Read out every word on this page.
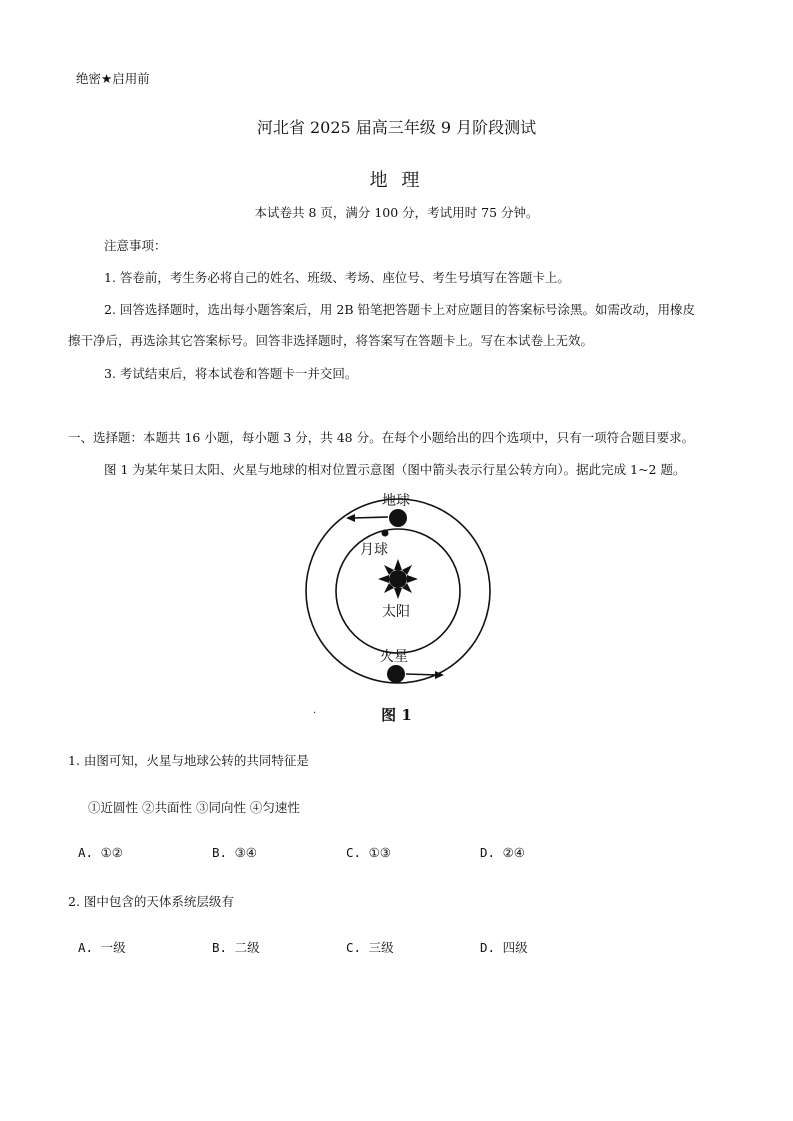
绝密★启用前
河北省 2025 届高三年级 9 月阶段测试
地 理
本试卷共 8 页，满分 100 分，考试用时 75 分钟。
注意事项：
1. 答卷前，考生务必将自己的姓名、班级、考场、座位号、考生号填写在答题卡上。
2. 回答选择题时，选出每小题答案后，用 2B 铅笔把答题卡上对应题目的答案标号涂黑。如需改动，用橡皮
擦干净后，再选涂其它答案标号。回答非选择题时，将答案写在答题卡上。写在本试卷上无效。
3. 考试结束后，将本试卷和答题卡一并交回。
一、选择题：本题共 16 小题，每小题 3 分，共 48 分。在每个小题给出的四个选项中，只有一项符合题目要求。
图 1 为某年某日太阳、火星与地球的相对位置示意图（图中箭头表示行星公转方向）。据此完成 1~2 题。
地球
月球
太阳
火星
.	图 1
1. 由图可知，火星与地球公转的共同特征是
①近圆性 ②共面性 ③同向性 ④匀速性
A. ①②	B. ③④	C. ①③	D. ②④
2. 图中包含的天体系统层级有
A. 一级	B. 二级	C. 三级	D. 四级
